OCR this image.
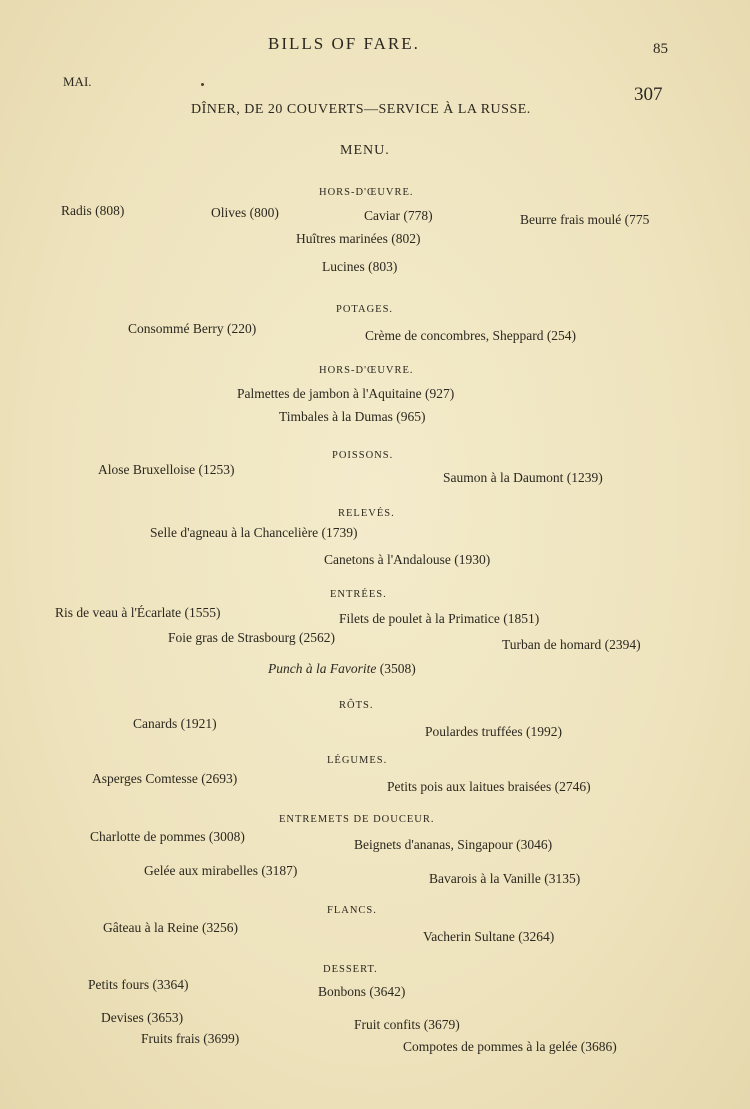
BILLS OF FARE.	85
MAI.
307
DÎNER, DE 20 COUVERTS—SERVICE À LA RUSSE.
MENU.
HORS-D'ŒUVRE.
Radis (808)	Olives (800)	Caviar (778)	Beurre frais moulé (775
Huîtres marinées (802)
Lucines (803)
POTAGES.
Consommé Berry (220)	Crème de concombres, Sheppard (254)
HORS-D'ŒUVRE.
Palmettes de jambon à l'Aquitaine (927)
Timbales à la Dumas (965)
POISSONS.
Alose Bruxelloise (1253)
Saumon à la Daumont (1239)
RELEVÉS.
Selle d'agneau à la Chancelière (1739)
Canetons à l'Andalouse (1930)
ENTRÉES.
Ris de veau à l'Écarlate (1555)	Filets de poulet à la Primatice (1851)
Foie gras de Strasbourg (2562)	Turban de homard (2394)
Punch à la Favorite (3508)
RÔTS.
Canards (1921)
Poulardes truffées (1992)
LÉGUMES.
Asperges Comtesse (2693)
Petits pois aux laitues braisées (2746)
ENTREMETS DE DOUCEUR.
Charlotte de pommes (3008)
Beignets d'ananas, Singapour (3046)
Gelée aux mirabelles (3187)
Bavarois à la Vanille (3135)
FLANCS.
Gâteau à la Reine (3256)
Vacherin Sultane (3264)
DESSERT.
Petits fours (3364)	Bonbons (3642)
Devises (3653)	Fruit confits (3679)
Fruits frais (3699)
Compotes de pommes à la gelée (3686)
